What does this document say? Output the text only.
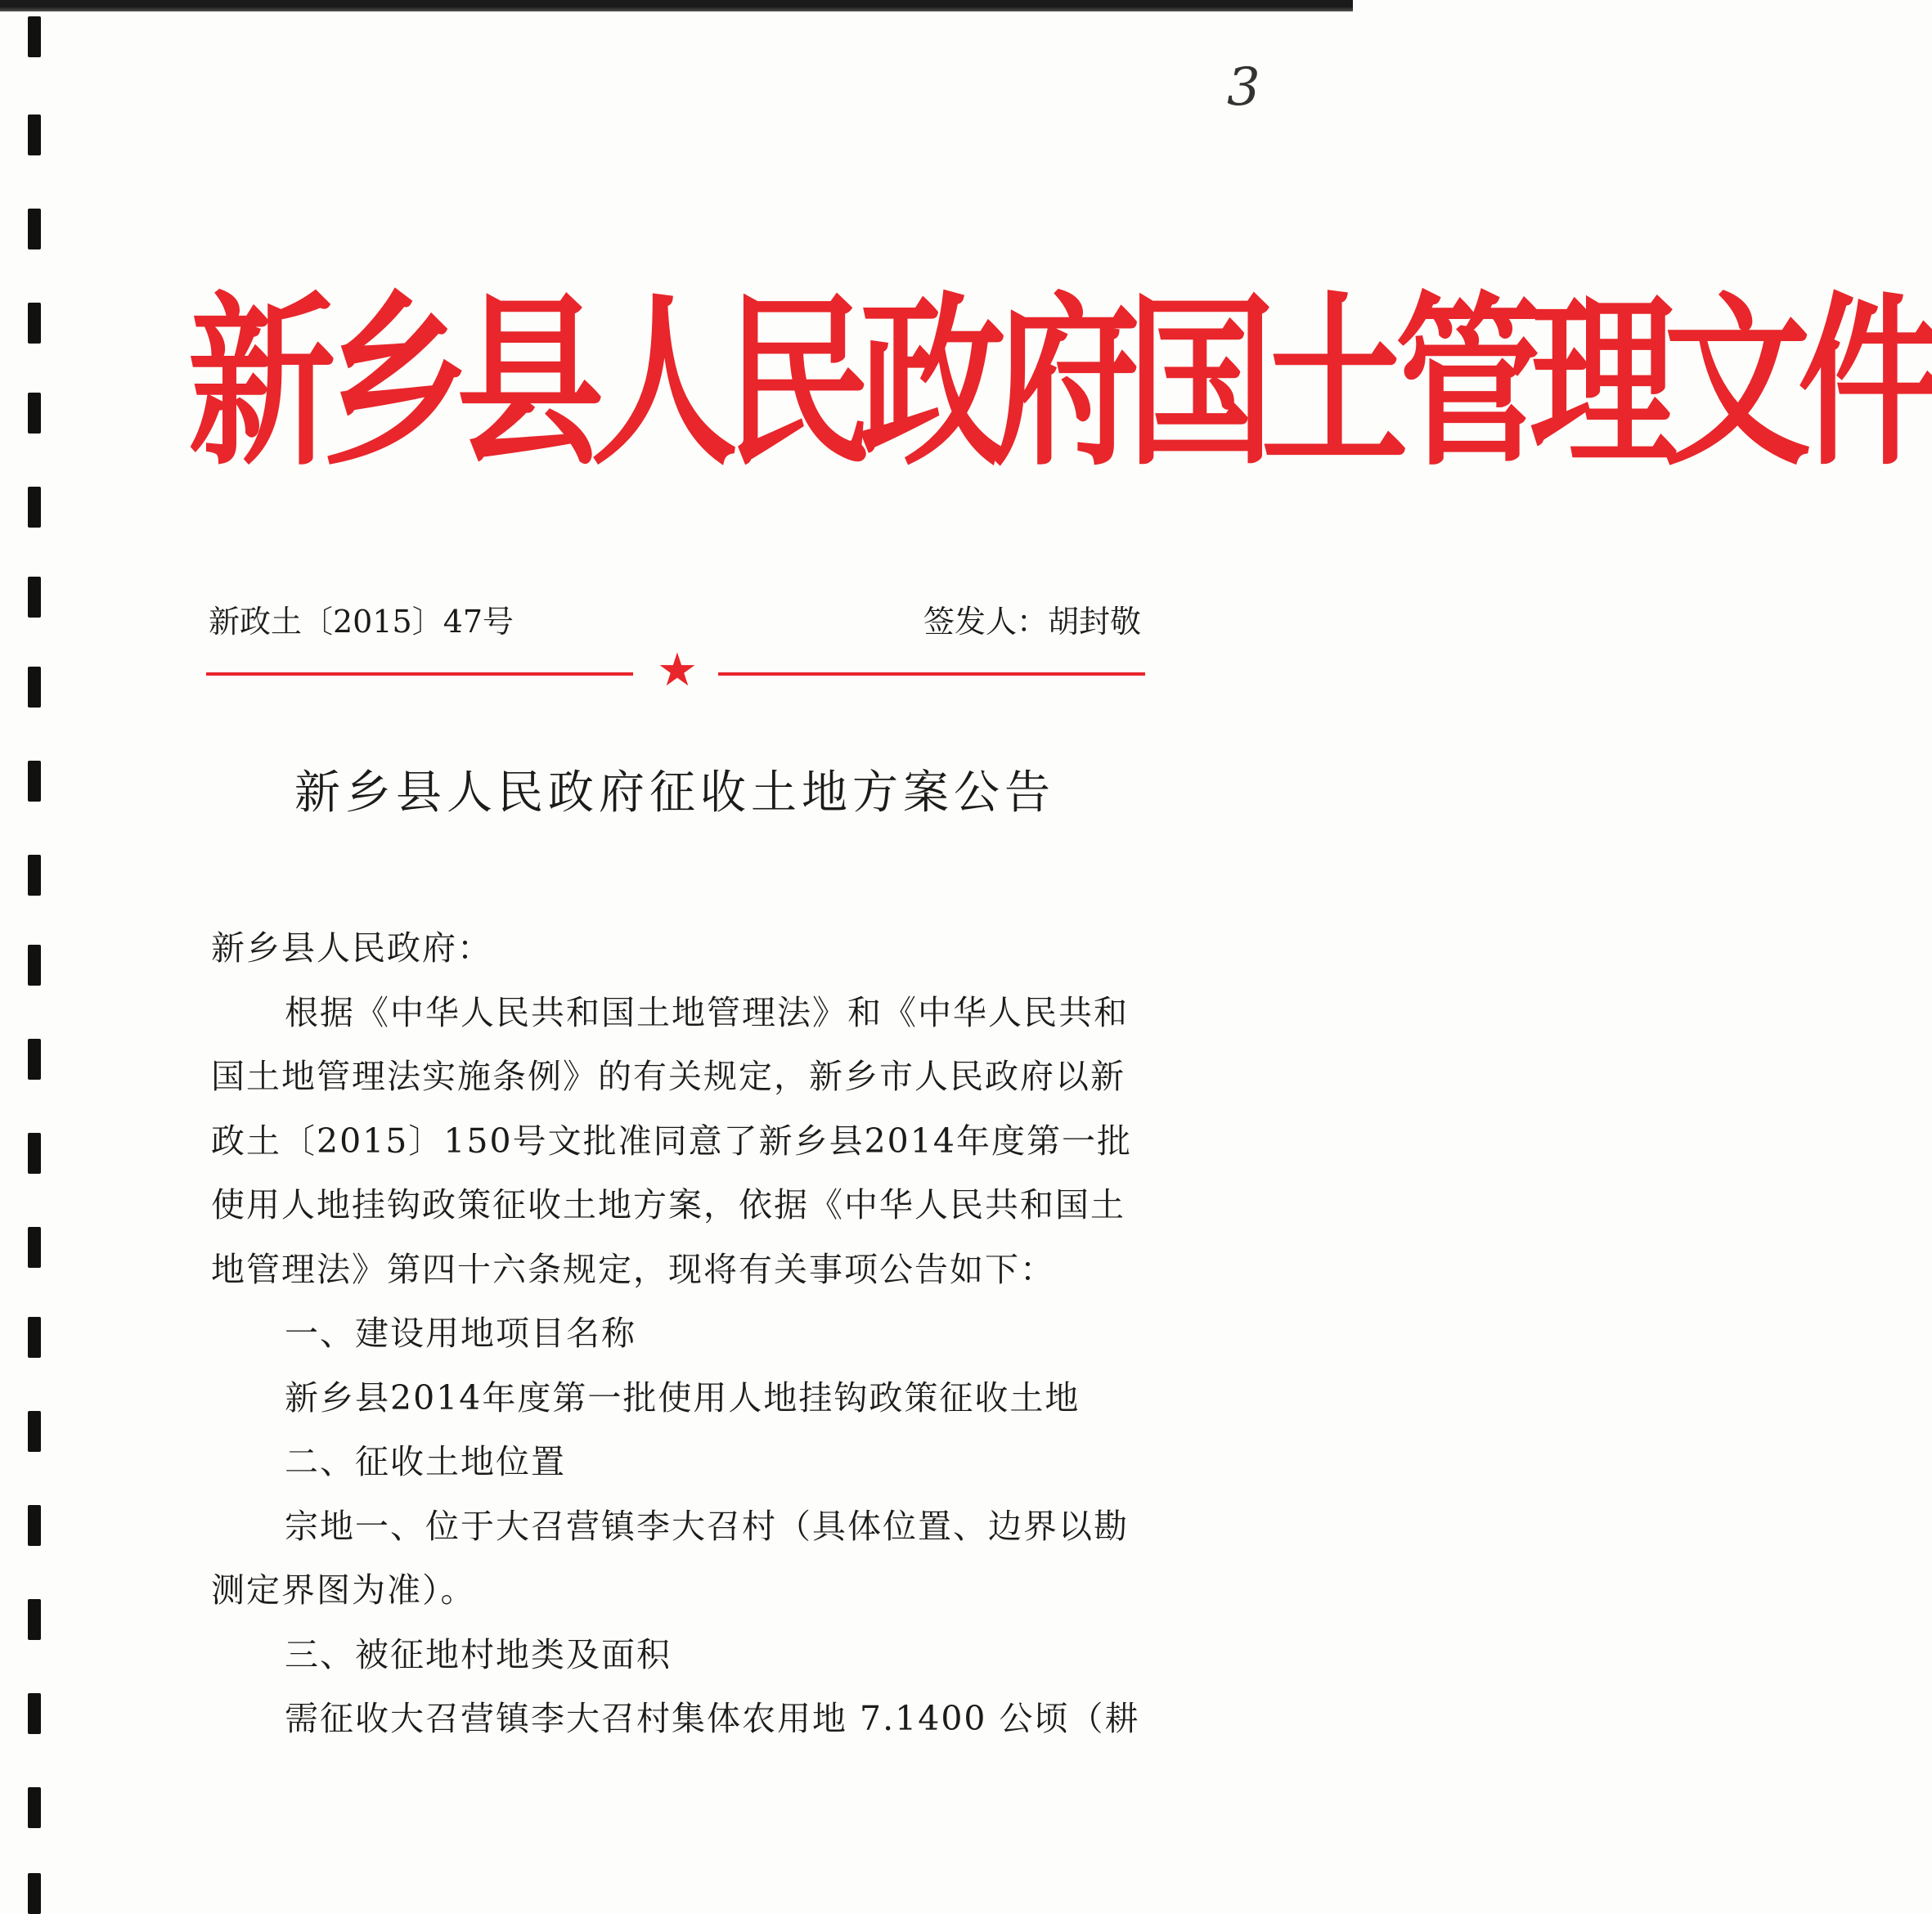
3
新乡县人民政府国土管理文件
新政土〔2015〕47号	签发人：胡封敬
★
新乡县人民政府征收土地方案公告

新乡县人民政府：

根据《中华人民共和国土地管理法》和《中华人民共和国土地管理法实施条例》的有关规定，新乡市人民政府以新政土〔2015〕150号文批准同意了新乡县2014年度第一批使用人地挂钩政策征收土地方案，依据《中华人民共和国土地管理法》第四十六条规定，现将有关事项公告如下：

一、建设用地项目名称

新乡县2014年度第一批使用人地挂钩政策征收土地

二、征收土地位置

宗地一、位于大召营镇李大召村（具体位置、边界以勘测定界图为准）。

三、被征地村地类及面积

需征收大召营镇李大召村集体农用地 7.1400 公顷（耕
